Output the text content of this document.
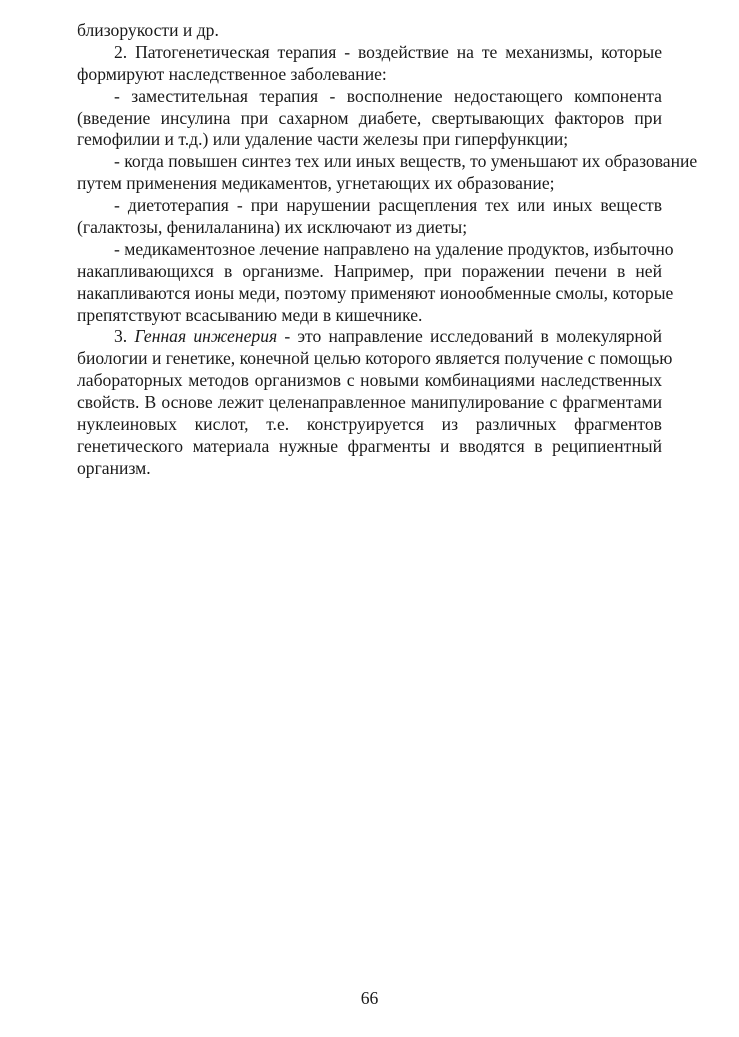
близорукости и др.
2. Патогенетическая терапия - воздействие на те механизмы, которые
формируют наследственное заболевание:
- заместительная терапия - восполнение недостающего компонента
(введение инсулина при сахарном диабете, свертывающих факторов при
гемофилии и т.д.) или удаление части железы при гиперфункции;
- когда повышен синтез тех или иных веществ, то уменьшают их образование
путем применения медикаментов, угнетающих их образование;
- диетотерапия - при нарушении расщепления тех или иных веществ
(галактозы, фенилаланина) их исключают из диеты;
- медикаментозное лечение направлено на удаление продуктов, избыточно
накапливающихся в организме. Например, при поражении печени в ней
накапливаются ионы меди, поэтому применяют ионообменные смолы, которые
препятствуют всасыванию меди в кишечнике.
3. Генная инженерия - это направление исследований в молекулярной
биологии и генетике, конечной целью которого является получение с помощью
лабораторных методов организмов с новыми комбинациями наследственных
свойств. В основе лежит целенаправленное манипулирование с фрагментами
нуклеиновых кислот, т.е. конструируется из различных фрагментов
генетического материала нужные фрагменты и вводятся в реципиентный
организм.
66
